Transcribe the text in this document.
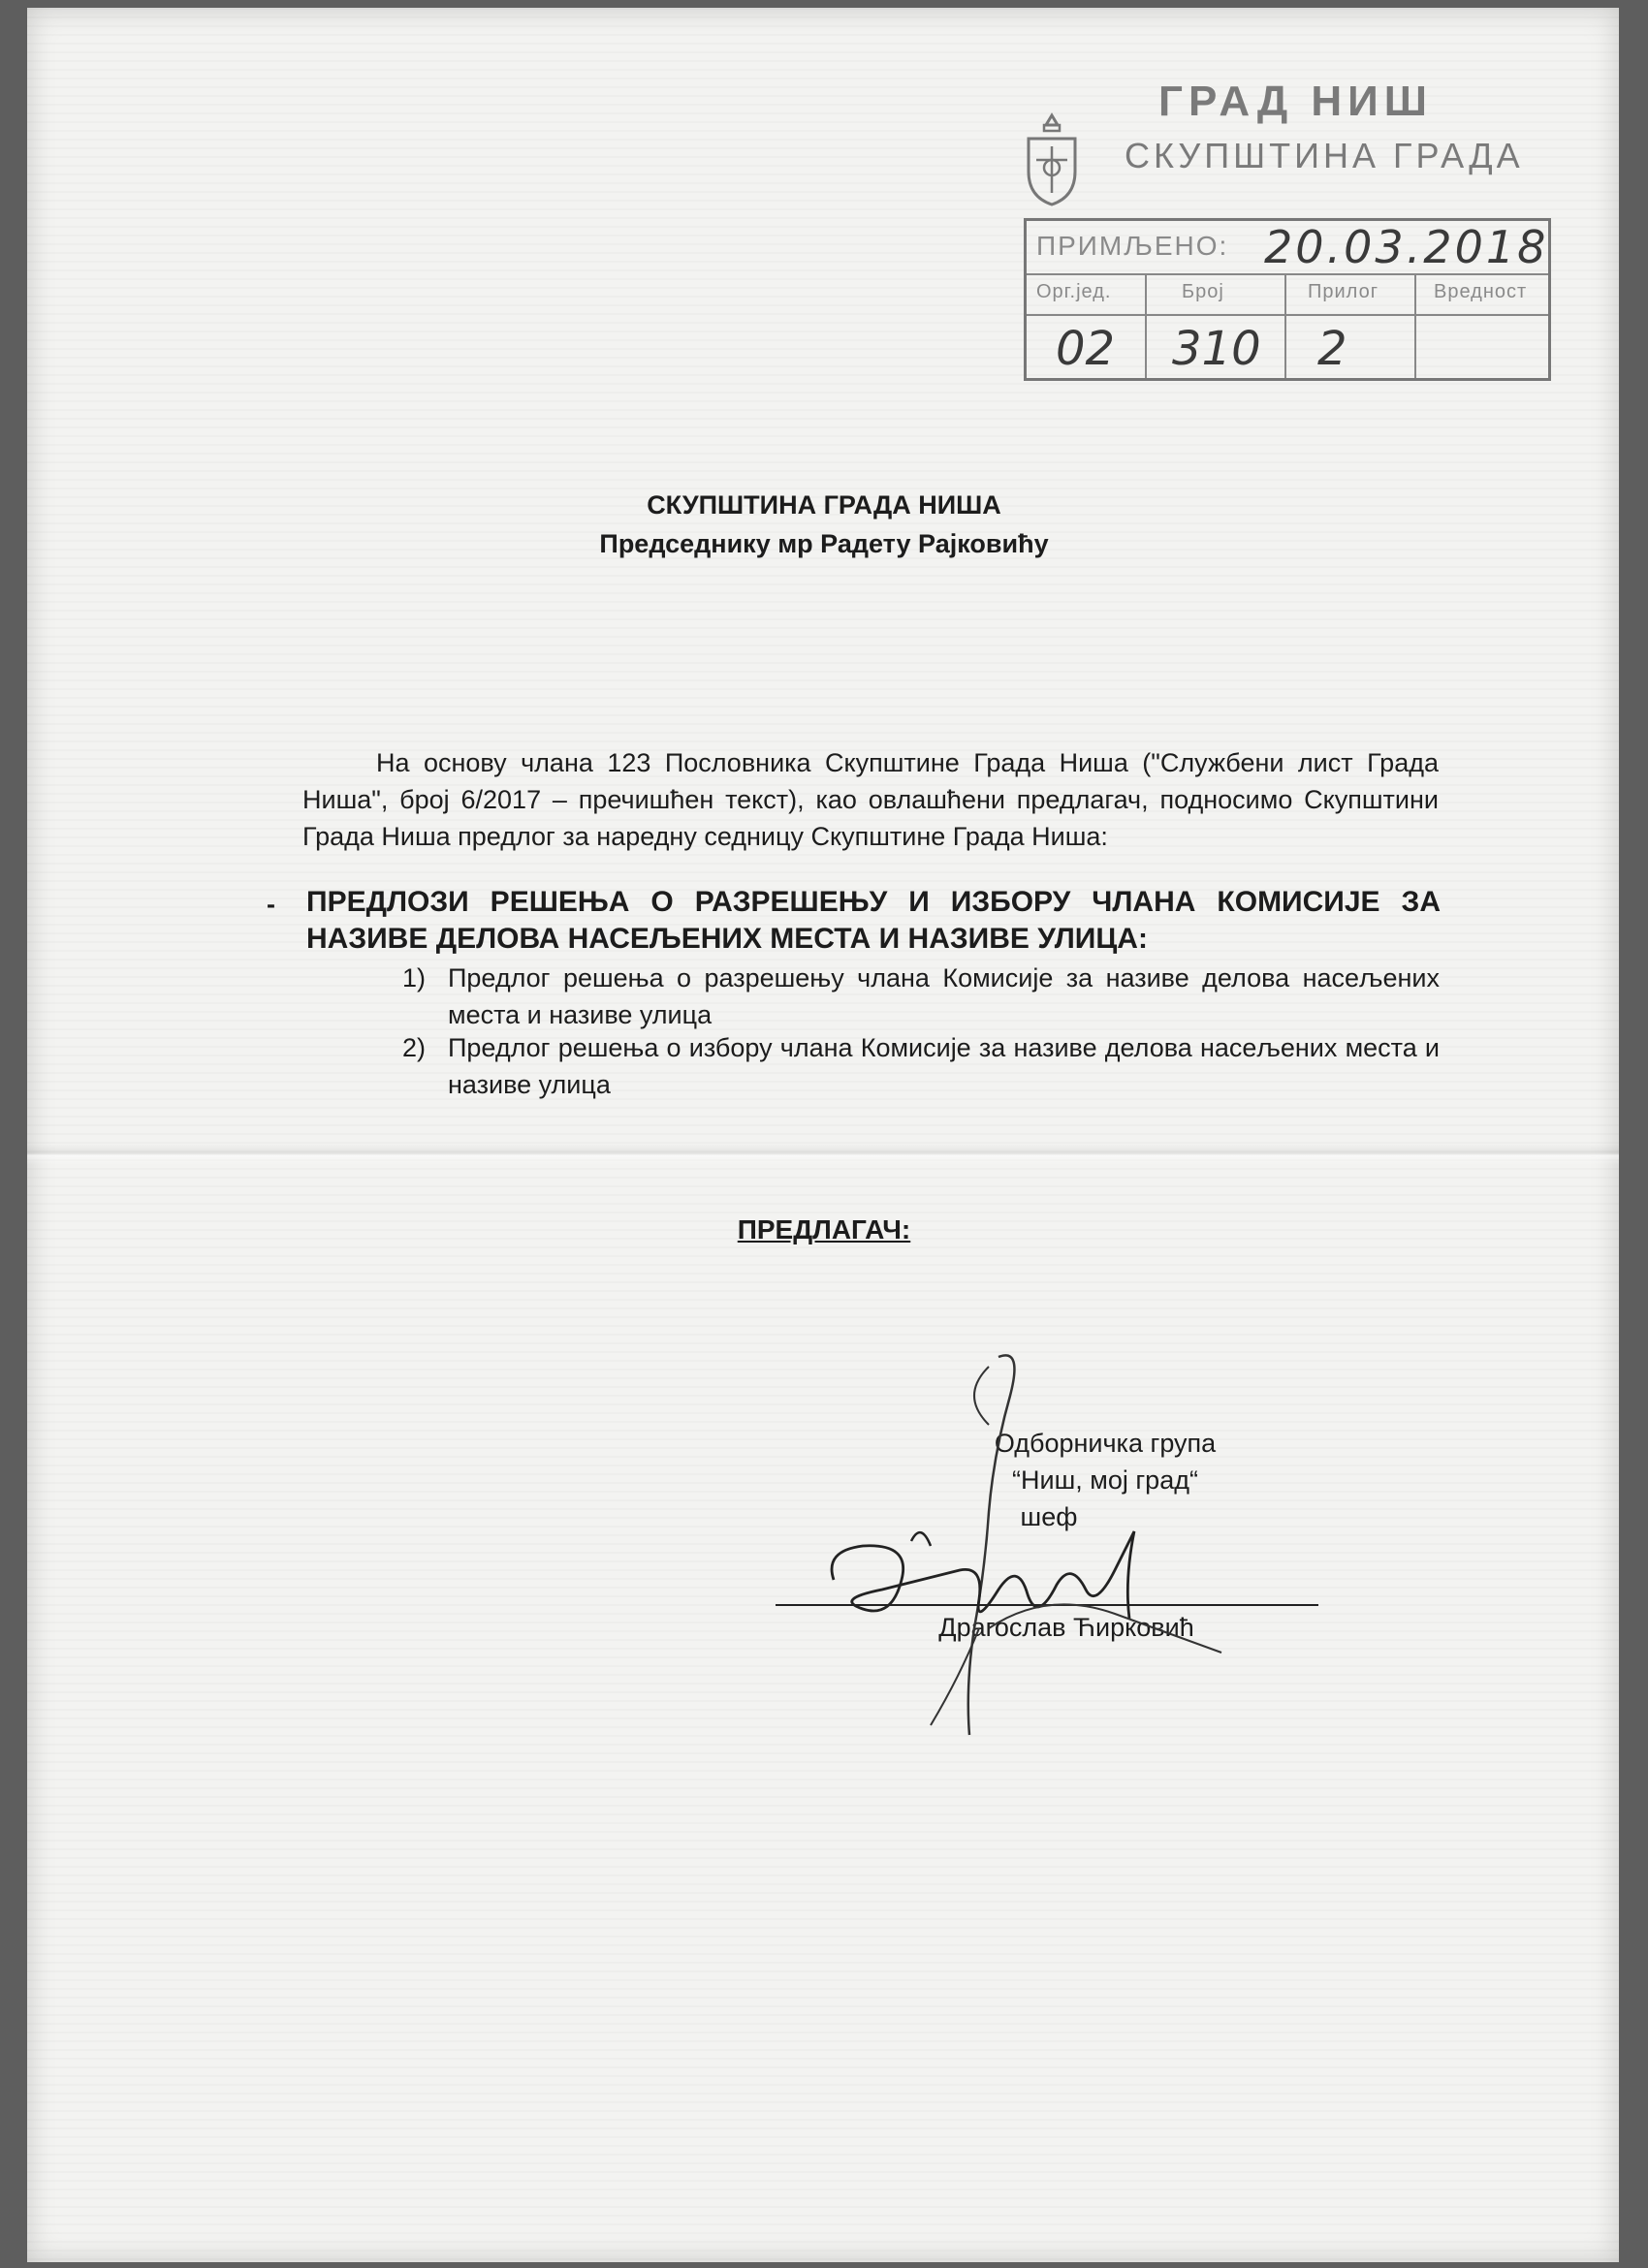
ГРАД НИШ
СКУПШТИНА ГРАДА
ПРИМЉЕНО: 20.03.2018
Орг.јед.	Број	Прилог	Вредност
02 310 2
СКУПШТИНА ГРАДА НИША
Председнику мр Радету Рајковићу
На основу члана 123 Пословника Скупштине Града Ниша ("Службени лист Града Ниша", број 6/2017 – пречишћен текст), као овлашћени предлагач, подносимо Скупштини Града Ниша предлог за наредну седницу Скупштине Града Ниша:
- ПРЕДЛОЗИ РЕШЕЊА О РАЗРЕШЕЊУ И ИЗБОРУ ЧЛАНА КОМИСИЈЕ ЗА НАЗИВЕ ДЕЛОВА НАСЕЉЕНИХ МЕСТА И НАЗИВЕ УЛИЦА:
1) Предлог решења о разрешењу члана Комисије за називе делова насељених места и називе улица
2) Предлог решења о избору члана Комисије за називе делова насељених места и називе улица
ПРЕДЛАГАЧ:
Одборничка група
“Ниш, мој град“
шеф
Драгослав Ћирковић
